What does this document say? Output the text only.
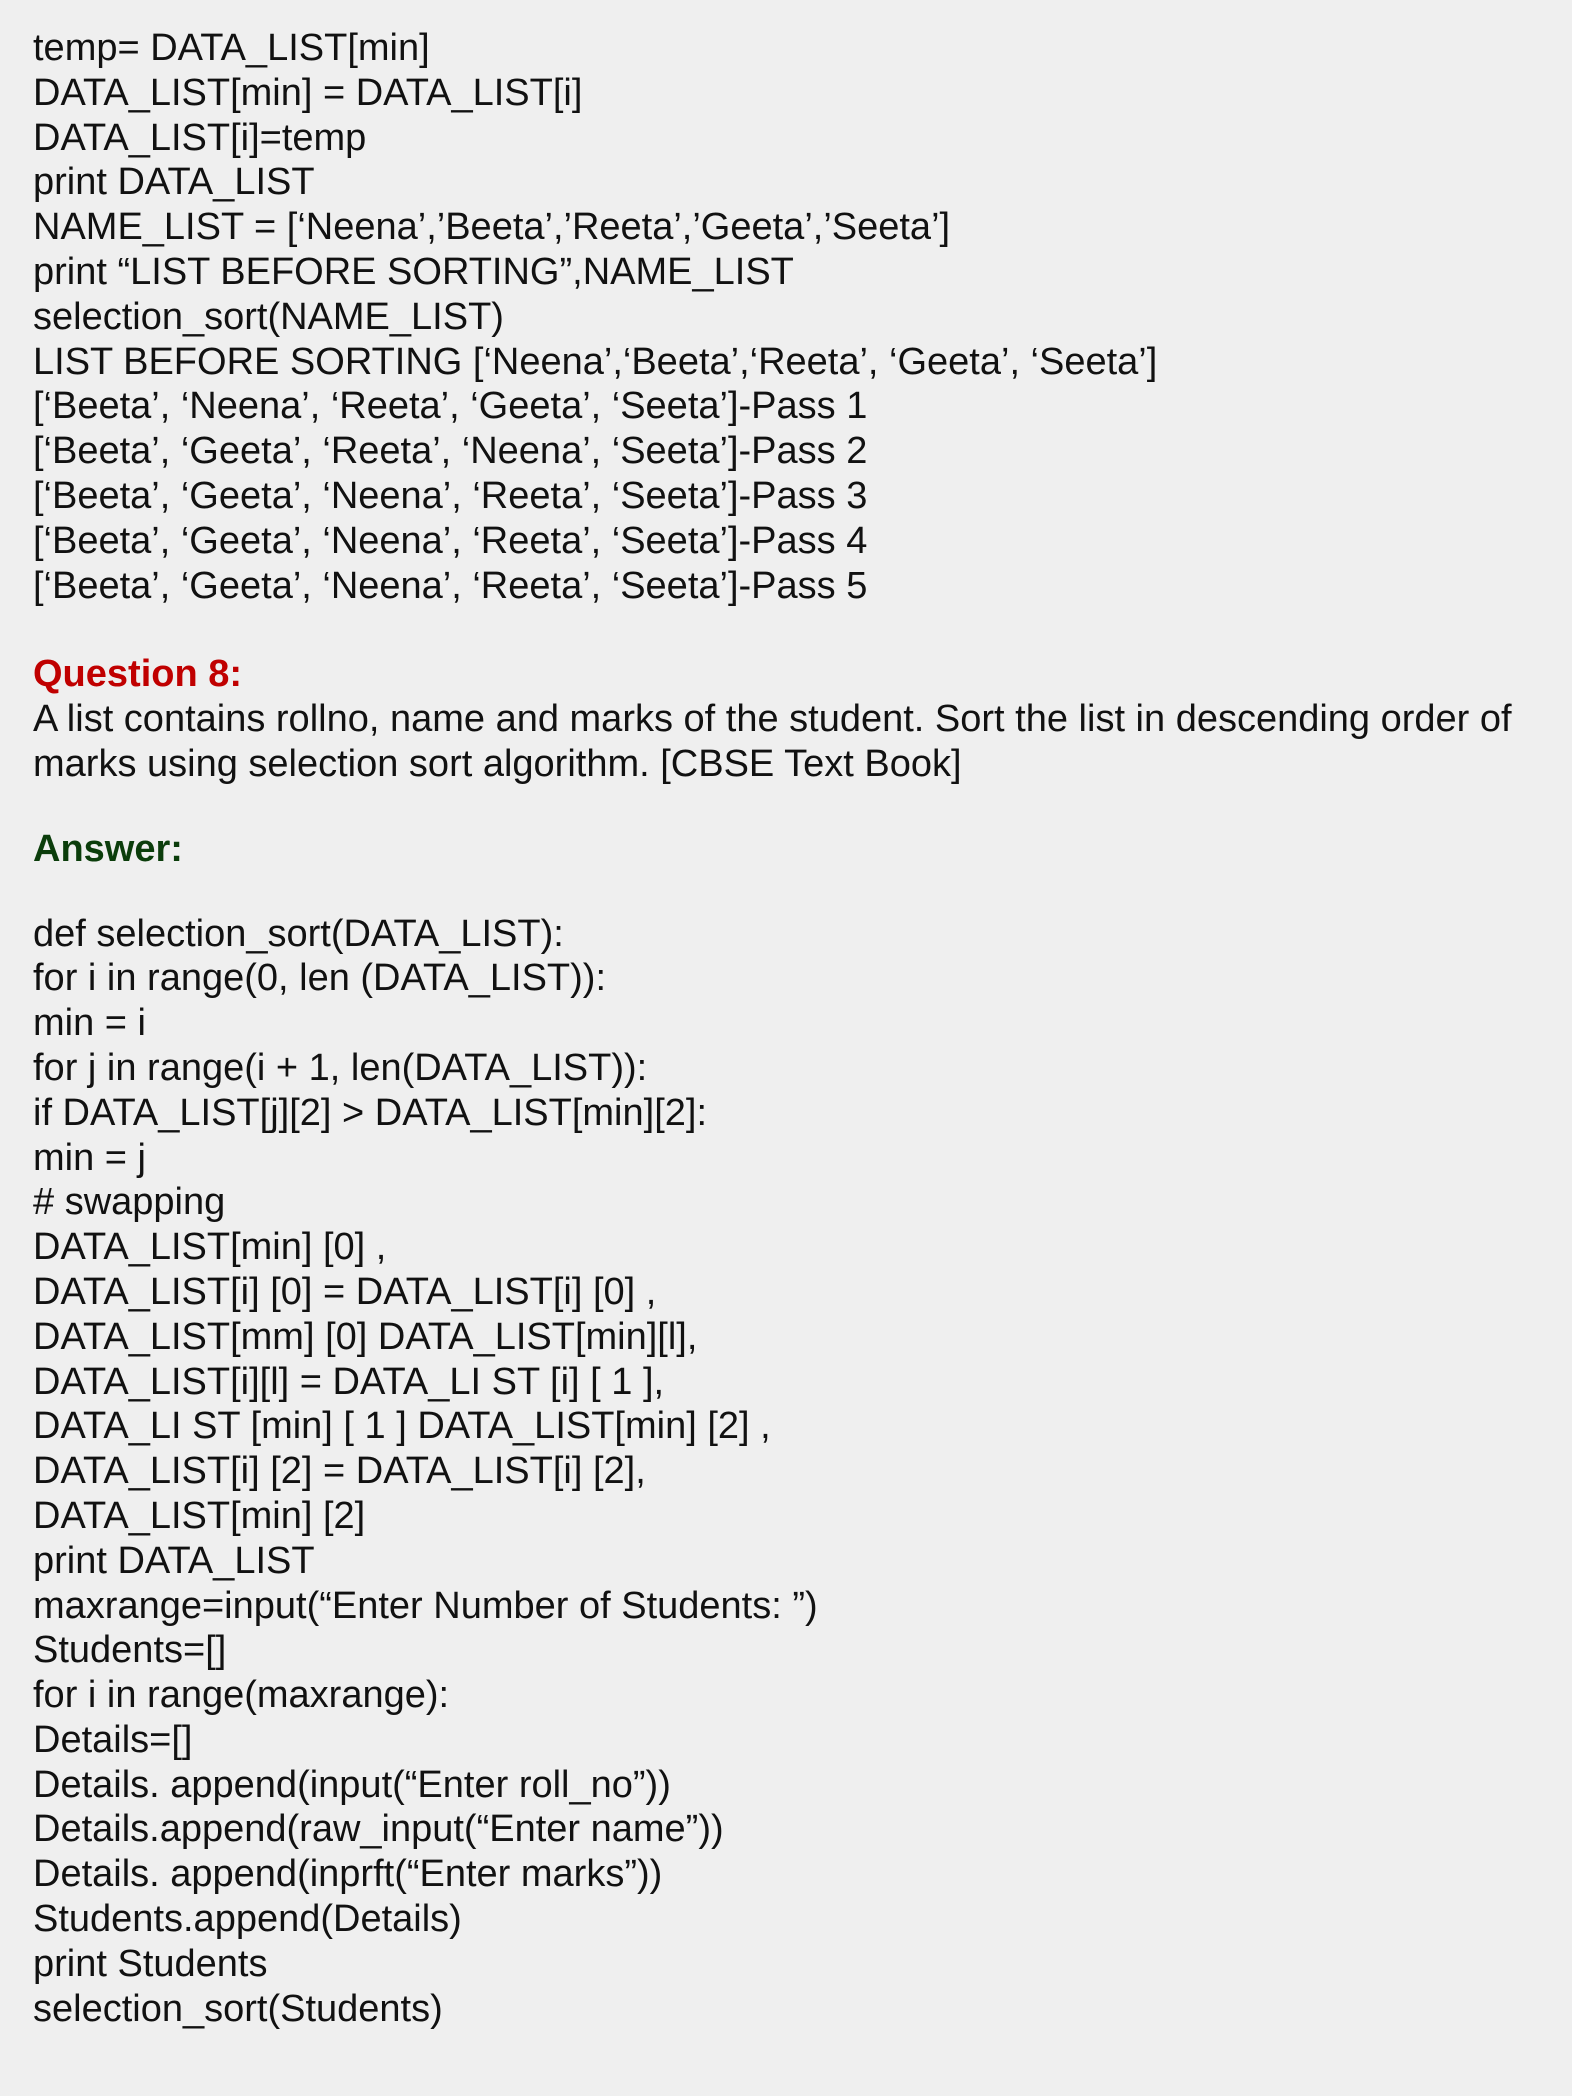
temp= DATA_LIST[min]
DATA_LIST[min] = DATA_LIST[i]
DATA_LIST[i]=temp
print DATA_LIST
NAME_LIST = [‘Neena’,’Beeta’,’Reeta’,’Geeta’,’Seeta’]
print “LIST BEFORE SORTING”,NAME_LIST
selection_sort(NAME_LIST)
LIST BEFORE SORTING [‘Neena’,‘Beeta’,‘Reeta’, ‘Geeta’, ‘Seeta’]
[‘Beeta’, ‘Neena’, ‘Reeta’, ‘Geeta’, ‘Seeta’]-Pass 1
[‘Beeta’, ‘Geeta’, ‘Reeta’, ‘Neena’, ‘Seeta’]-Pass 2
[‘Beeta’, ‘Geeta’, ‘Neena’, ‘Reeta’, ‘Seeta’]-Pass 3
[‘Beeta’, ‘Geeta’, ‘Neena’, ‘Reeta’, ‘Seeta’]-Pass 4
[‘Beeta’, ‘Geeta’, ‘Neena’, ‘Reeta’, ‘Seeta’]-Pass 5
Question 8:
A list contains rollno, name and marks of the student. Sort the list in descending order of marks using selection sort algorithm. [CBSE Text Book]
Answer:
def selection_sort(DATA_LIST):
for i in range(0, len (DATA_LIST)):
min = i
for j in range(i + 1, len(DATA_LIST)):
if DATA_LIST[j][2] > DATA_LIST[min][2]:
min = j
# swapping
DATA_LIST[min] [0] ,
DATA_LIST[i] [0] = DATA_LIST[i] [0] ,
DATA_LIST[mm] [0] DATA_LIST[min][l],
DATA_LIST[i][l] = DATA_LI ST [i] [ 1 ],
DATA_LI ST [min] [ 1 ] DATA_LIST[min] [2] ,
DATA_LIST[i] [2] = DATA_LIST[i] [2],
DATA_LIST[min] [2]
print DATA_LIST
maxrange=input(“Enter Number of Students: ”)
Students=[]
for i in range(maxrange):
Details=[]
Details. append(input(“Enter roll_no”))
Details.append(raw_input(“Enter name”))
Details. append(inprft(“Enter marks”))
Students.append(Details)
print Students
selection_sort(Students)
